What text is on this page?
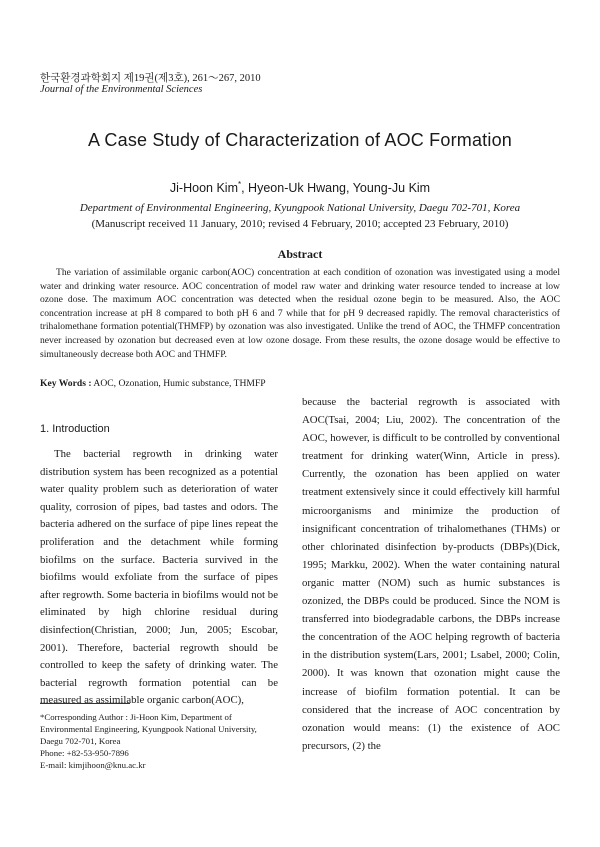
한국환경과학회지 제19권(제3호), 261～267, 2010
Journal of the Environmental Sciences
A Case Study of Characterization of AOC Formation
Ji-Hoon Kim*, Hyeon-Uk Hwang, Young-Ju Kim
Department of Environmental Engineering, Kyungpook National University, Daegu 702-701, Korea
(Manuscript received 11 January, 2010; revised 4 February, 2010; accepted 23 February, 2010)
Abstract

The variation of assimilable organic carbon(AOC) concentration at each condition of ozonation was investigated using a model water and drinking water resource. AOC concentration of model raw water and drinking water resource tended to increase at low ozone dose. The maximum AOC concentration was detected when the residual ozone begin to be measured. Also, the AOC concentration increase at pH 8 compared to both pH 6 and 7 while that for pH 9 decreased rapidly. The removal characteristics of trihalomethane formation potential(THMFP) by ozonation was also investigated. Unlike the trend of AOC, the THMFP concentration never increased by ozonation but decreased even at low ozone dosage. From these results, the ozone dosage would be effective to simultaneously decrease both AOC and THMFP.

Key Words : AOC, Ozonation, Humic substance, THMFP
1. Introduction

The bacterial regrowth in drinking water distribution system has been recognized as a potential water quality problem such as deterioration of water quality, corrosion of pipes, bad tastes and odors. The bacteria adhered on the surface of pipe lines repeat the proliferation and the detachment while forming biofilms on the surface. Bacteria survived in the biofilms would exfoliate from the surface of pipes after regrowth. Some bacteria in biofilms would not be eliminated by high chlorine residual during disinfection(Christian, 2000; Jun, 2005; Escobar, 2001). Therefore, bacterial regrowth should be controlled to keep the safety of drinking water. The bacterial regrowth formation potential can be measured as assimilable organic carbon(AOC),

because the bacterial regrowth is associated with AOC(Tsai, 2004; Liu, 2002). The concentration of the AOC, however, is difficult to be controlled by conventional treatment for drinking water(Winn, Article in press). Currently, the ozonation has been applied on water treatment extensively since it could effectively kill harmful microorganisms and minimize the production of insignificant concentration of trihalomethanes (THMs) or other chlorinated disinfection by-products (DBPs)(Dick, 1995; Markku, 2002). When the water containing natural organic matter (NOM) such as humic substances is ozonized, the DBPs could be produced. Since the NOM is transferred into biodegradable carbons, the DBPs increase the concentration of the AOC helping regrowth of bacteria in the distribution system(Lars, 2001; Lsabel, 2000; Colin, 2000). It was known that ozonation might cause the increase of biofilm formation potential. It can be considered that the increase of AOC concentration by ozonation would means: (1) the existence of AOC precursors, (2) the

*Corresponding Author : Ji-Hoon Kim, Department of Environmental Engineering, Kyungpook National University, Daegu 702-701, Korea
Phone: +82-53-950-7896
E-mail: kimjihoon@knu.ac.kr
